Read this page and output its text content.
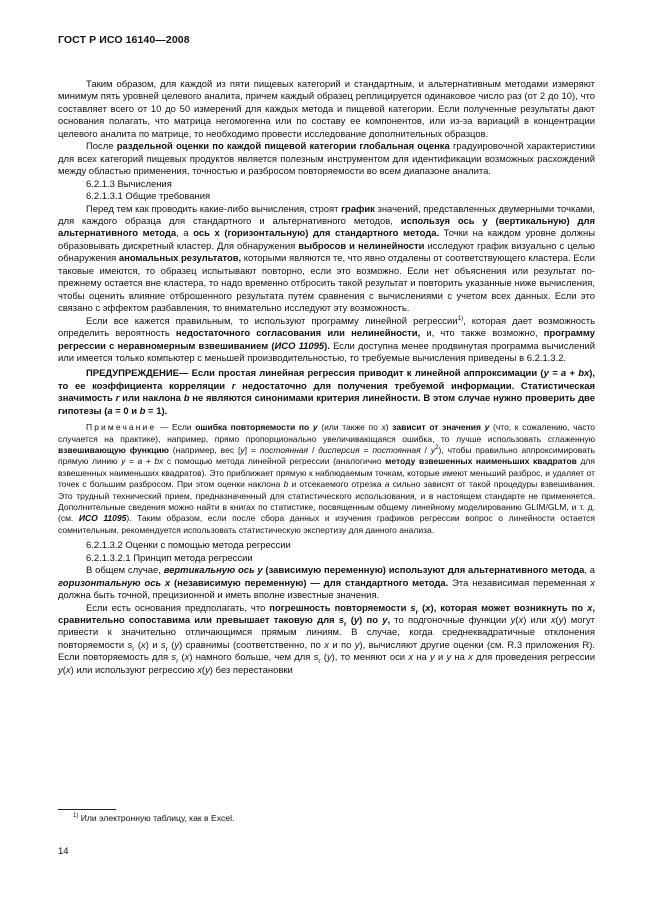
ГОСТ Р ИСО 16140—2008

Таким образом, для каждой из пяти пищевых категорий и стандартным, и альтернативным методами измеряют минимум пять уровней целевого аналита, причем каждый образец реплицируется одинаковое число раз (от 2 до 10), что составляет всего от 10 до 50 измерений для каждых метода и пищевой категории. Если полученные результаты дают основания полагать, что матрица негомогенна или по составу ее компонентов, или из-за вариаций в концентрации целевого аналита по матрице, то необходимо провести исследование дополнительных образцов.

После раздельной оценки по каждой пищевой категории глобальная оценка градуировочной характеристики для всех категорий пищевых продуктов является полезным инструментом для идентификации возможных расхождений между областью применения, точностью и разбросом повторяемости во всем диапазоне аналита.

6.2.1.3 Вычисления

6.2.1.3.1 Общие требования

Перед тем как проводить какие-либо вычисления, строят график значений, представленных двумерными точками, для каждого образца для стандартного и альтернативного методов, используя ось у (вертикальную) для альтернативного метода, а ось х (горизонтальную) для стандартного метода. Точки на каждом уровне должны образовывать дискретный кластер. Для обнаружения выбросов и нелинейности исследуют график визуально с целью обнаружения аномальных результатов, которыми являются те, что явно отдалены от соответствующего кластера. Если таковые имеются, то образец испытывают повторно, если это возможно. Если нет объяснения или результат по-прежнему остается вне кластера, то надо временно отбросить такой результат и повторить указанные ниже вычисления, чтобы оценить влияние отброшенного результата путем сравнения с вычислениями с учетом всех данных. Если это связано с эффектом разбавления, то внимательно исследуют эту возможность.

Если все кажется правильным, то используют программу линейной регрессии$^{1)}$, которая дает возможность определить вероятность недостаточного согласования или нелинейности, и, что также возможно, программу регрессии с неравномерным взвешиванием (ИСО 11095). Если доступна менее продвинутая программа вычислений или имеется только компьютер с меньшей производительностью, то требуемые вычисления приведены в 6.2.1.3.2.

ПРЕДУПРЕЖДЕНИЕ— Если простая линейная регрессия приводит к линейной аппроксимации (y = a + bx), то ее коэффициента корреляции r недостаточно для получения требуемой информации. Статистическая значимость r или наклона b не являются синонимами критерия линейности. В этом случае нужно проверить две гипотезы (a = 0 и b = 1).

Примечание — Если ошибка повторяемости по y (или также по x) зависит от значения y (что, к сожалению, часто случается на практике), например, прямо пропорционально увеличивающаяся ошибка, то лучше использовать сглаженную взвешивающую функцию (например, вес [y] = постоянная / дисперсия = постоянная / $y^2$), чтобы правильно аппроксимировать прямую линию y = a + bx с помощью метода линейной регрессии (аналогично методу взвешенных наименьших квадратов для взвешенных наименьших квадратов). Это приближает прямую к наблюдаемым точкам, которые имеют меньший разброс, и удаляет от точек с большим разбросом. При этом оценки наклона b и отсекаемого отрезка a сильно зависят от такой процедуры взвешивания. Это трудный технический прием, предназначенный для статистического использования, и в настоящем стандарте не применяется. Дополнительные сведения можно найти в книгах по статистике, посвященным общему линейному моделированию GLIM/GLM, и т. д. (см. ИСО 11095). Таким образом, если после сбора данных и изучения графиков регрессии вопрос о линейности остается сомнительным, рекомендуется использовать статистическую экспертизу для данного анализа.

6.2.1.3.2 Оценки с помощью метода регрессии

6.2.1.3.2.1 Принцип метода регрессии

В общем случае, вертикальную ось y (зависимую переменную) используют для альтернативного метода, а горизонтальную ось x (независимую переменную) — для стандартного метода. Эта независимая переменная x должна быть точной, прецизионной и иметь вполне известные значения.

Если есть основания предполагать, что погрешность повторяемости $s_r$ (x), которая может возникнуть по x, сравнительно сопоставима или превышает таковую для $s_r$ (y) по y, то подгоночные функции y(x) или x(y) могут привести к значительно отличающимся прямым линиям. В случае, когда среднеквадратичные отклонения повторяемости $s_r$ (x) и $s_r$ (y) сравнимы (соответственно, по x и по y), вычисляют другие оценки (см. R.3 приложения R). Если повторяемость для $s_r$ (x) намного больше, чем для $s_r$ (y), то меняют оси x на y и y на x для проведения регрессии y(x) или используют регрессию x(y) без перестановки

$^{1)}$ Или электронную таблицу, как в Excel.
14
